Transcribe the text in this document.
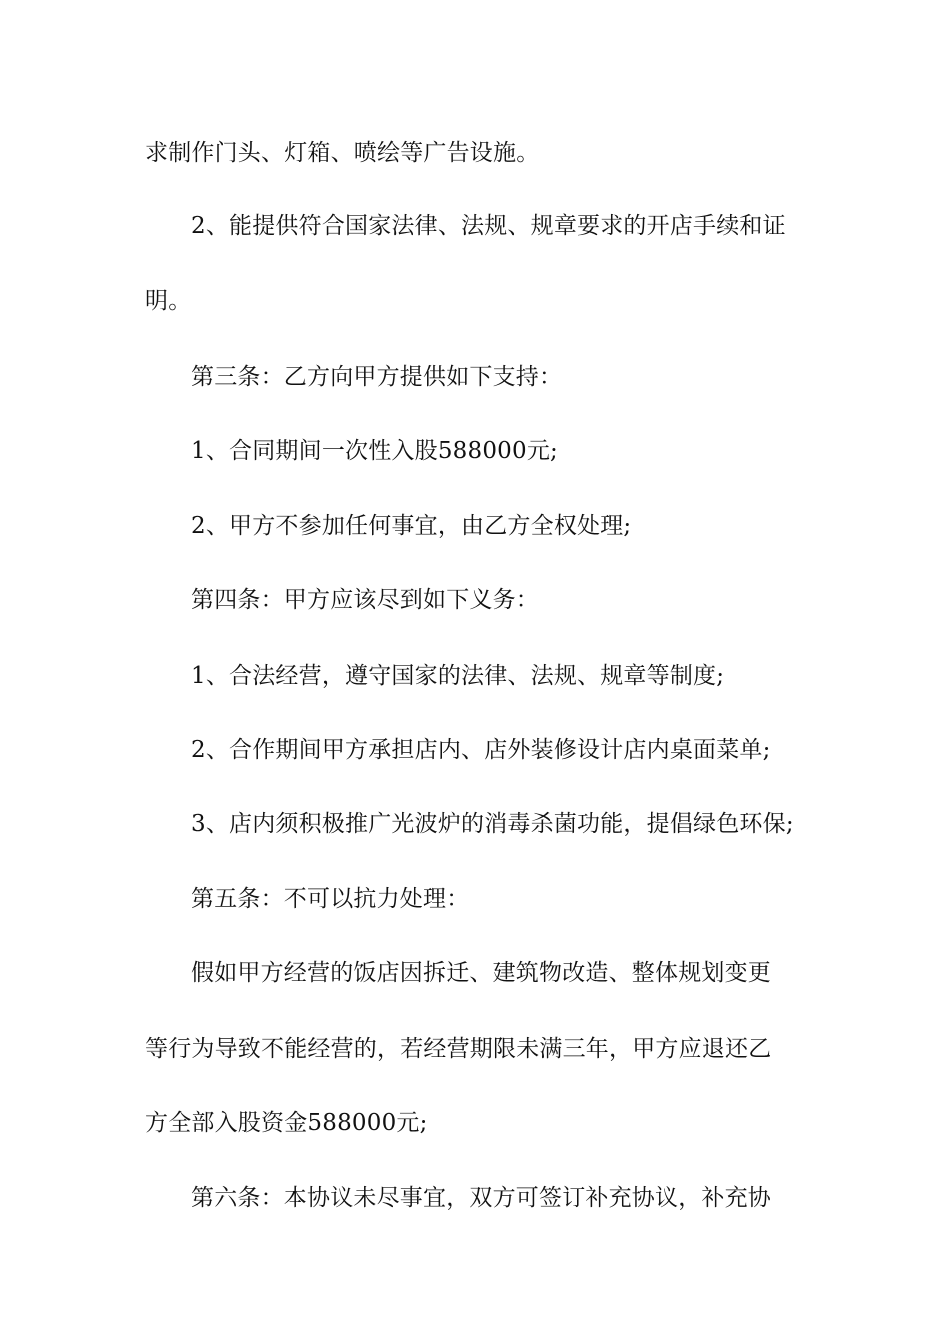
求制作门头、灯箱、喷绘等广告设施。
2、能提供符合国家法律、法规、规章要求的开店手续和证
明。
第三条：乙方向甲方提供如下支持：
1、合同期间一次性入股588000元;
2、甲方不参加任何事宜，由乙方全权处理;
第四条：甲方应该尽到如下义务：
1、合法经营，遵守国家的法律、法规、规章等制度;
2、合作期间甲方承担店内、店外装修设计店内桌面菜单;
3、店内须积极推广光波炉的消毒杀菌功能，提倡绿色环保;
第五条：不可以抗力处理：
假如甲方经营的饭店因拆迁、建筑物改造、整体规划变更
等行为导致不能经营的，若经营期限未满三年，甲方应退还乙
方全部入股资金588000元;
第六条：本协议未尽事宜，双方可签订补充协议，补充协
